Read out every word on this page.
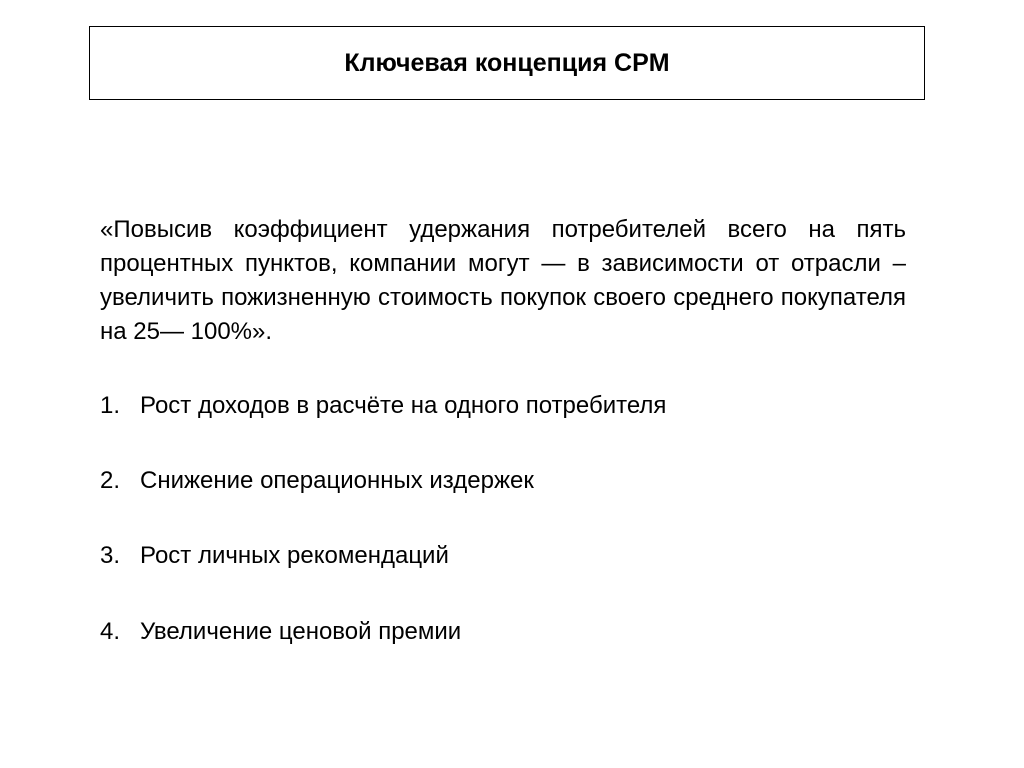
Ключевая концепция CPM
«Повысив коэффициент удержания потребителей всего на пять процентных пунктов, компании могут — в зависимости от отрасли – увеличить пожизненную стоимость покупок своего среднего покупателя на 25— 100%».
1. Рост доходов в расчёте на одного потребителя
2. Снижение операционных издержек
3. Рост личных рекомендаций
4. Увеличение ценовой премии
